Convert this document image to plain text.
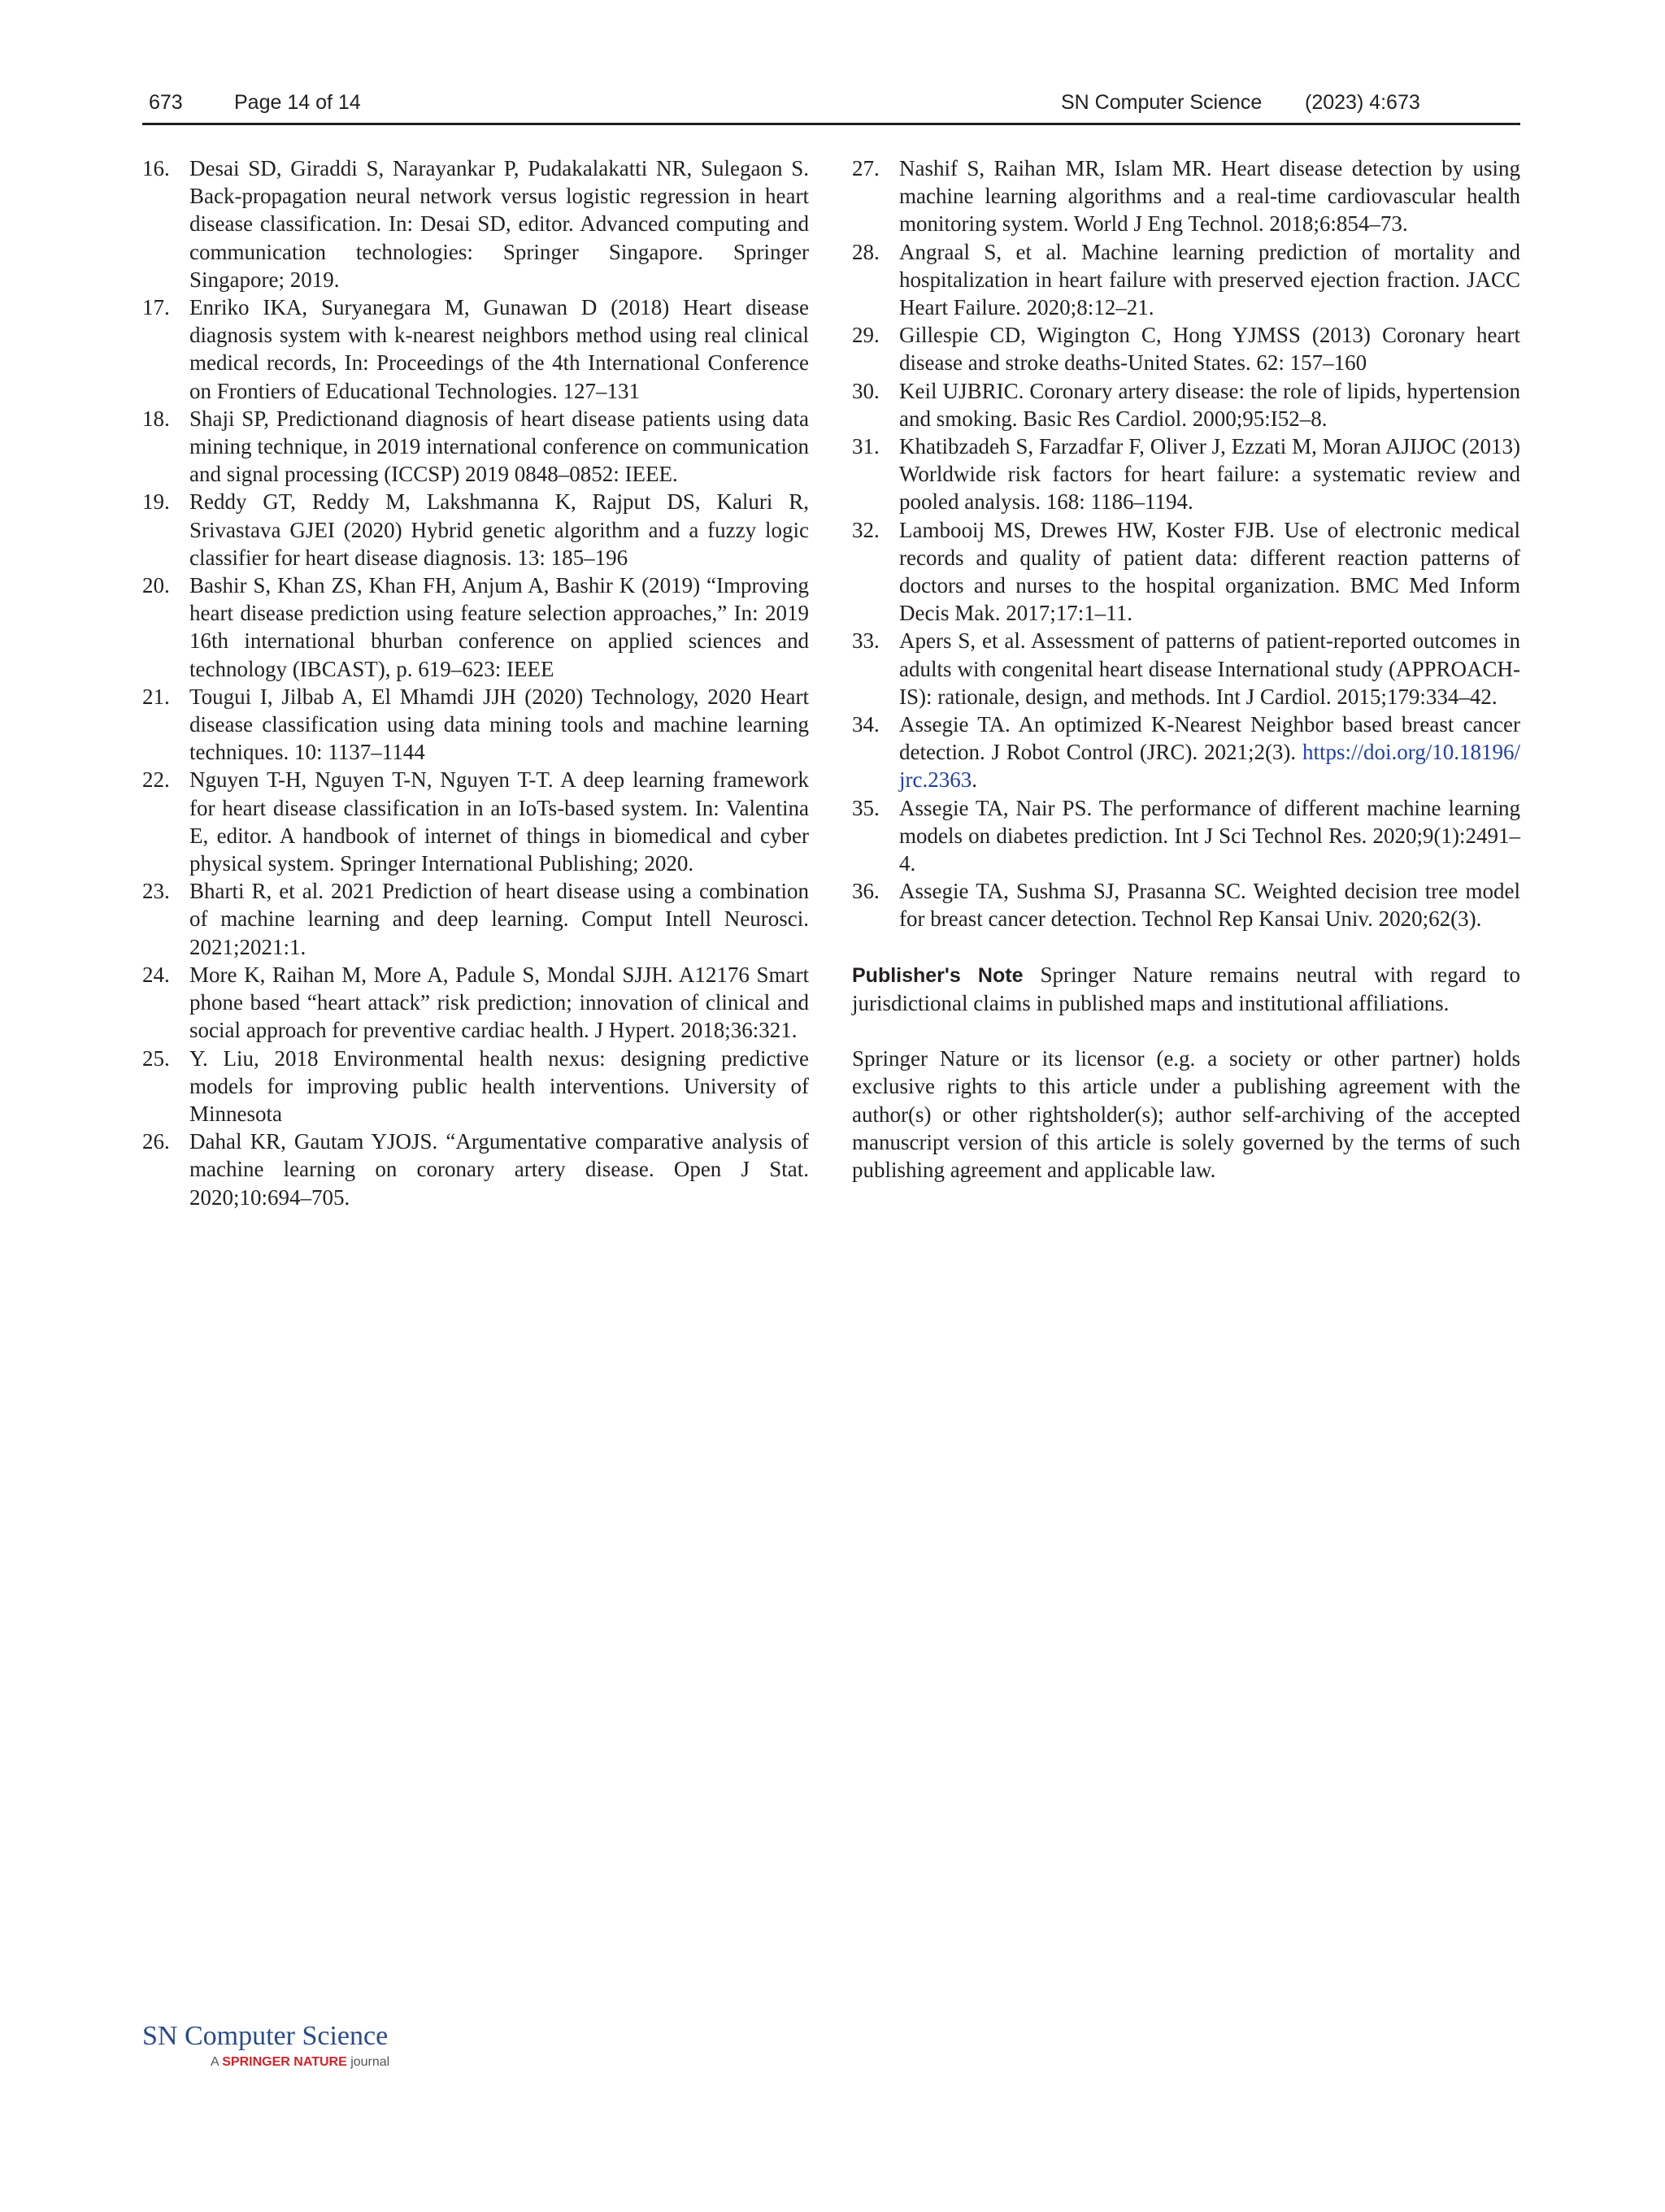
673	Page 14 of 14	SN Computer Science (2023) 4:673
16. Desai SD, Giraddi S, Narayankar P, Pudakalakatti NR, Sulegaon S. Back-propagation neural network versus logistic regression in heart disease classification. In: Desai SD, editor. Advanced computing and communication technologies: Springer Singapore. Springer Singapore; 2019.
17. Enriko IKA, Suryanegara M, Gunawan D (2018) Heart disease diagnosis system with k-nearest neighbors method using real clinical medical records, In: Proceedings of the 4th International Conference on Frontiers of Educational Technologies. 127–131
18. Shaji SP, Predictionand diagnosis of heart disease patients using data mining technique, in 2019 international conference on communication and signal processing (ICCSP) 2019 0848–0852: IEEE.
19. Reddy GT, Reddy M, Lakshmanna K, Rajput DS, Kaluri R, Srivastava GJEI (2020) Hybrid genetic algorithm and a fuzzy logic classifier for heart disease diagnosis. 13: 185–196
20. Bashir S, Khan ZS, Khan FH, Anjum A, Bashir K (2019) “Improving heart disease prediction using feature selection approaches,” In: 2019 16th international bhurban conference on applied sciences and technology (IBCAST), p. 619–623: IEEE
21. Tougui I, Jilbab A, El Mhamdi JJH (2020) Technology, 2020 Heart disease classification using data mining tools and machine learning techniques. 10: 1137–1144
22. Nguyen T-H, Nguyen T-N, Nguyen T-T. A deep learning framework for heart disease classification in an IoTs-based system. In: Valentina E, editor. A handbook of internet of things in biomedical and cyber physical system. Springer International Publishing; 2020.
23. Bharti R, et al. 2021 Prediction of heart disease using a combination of machine learning and deep learning. Comput Intell Neurosci. 2021;2021:1.
24. More K, Raihan M, More A, Padule S, Mondal SJJH. A12176 Smart phone based “heart attack” risk prediction; innovation of clinical and social approach for preventive cardiac health. J Hypert. 2018;36:321.
25. Y. Liu, 2018 Environmental health nexus: designing predictive models for improving public health interventions. University of Minnesota
26. Dahal KR, Gautam YJOJS. “Argumentative comparative analysis of machine learning on coronary artery disease. Open J Stat. 2020;10:694–705.
27. Nashif S, Raihan MR, Islam MR. Heart disease detection by using machine learning algorithms and a real-time cardiovascular health monitoring system. World J Eng Technol. 2018;6:854–73.
28. Angraal S, et al. Machine learning prediction of mortality and hospitalization in heart failure with preserved ejection fraction. JACC Heart Failure. 2020;8:12–21.
29. Gillespie CD, Wigington C, Hong YJMSS (2013) Coronary heart disease and stroke deaths-United States. 62: 157–160
30. Keil UJBRIC. Coronary artery disease: the role of lipids, hypertension and smoking. Basic Res Cardiol. 2000;95:I52–8.
31. Khatibzadeh S, Farzadfar F, Oliver J, Ezzati M, Moran AJIJOC (2013) Worldwide risk factors for heart failure: a systematic review and pooled analysis. 168: 1186–1194.
32. Lambooij MS, Drewes HW, Koster FJB. Use of electronic medical records and quality of patient data: different reaction patterns of doctors and nurses to the hospital organization. BMC Med Inform Decis Mak. 2017;17:1–11.
33. Apers S, et al. Assessment of patterns of patient-reported outcomes in adults with congenital heart disease International study (APPROACH-IS): rationale, design, and methods. Int J Cardiol. 2015;179:334–42.
34. Assegie TA. An optimized K-Nearest Neighbor based breast cancer detection. J Robot Control (JRC). 2021;2(3). https://doi.org/10.18196/jrc.2363.
35. Assegie TA, Nair PS. The performance of different machine learning models on diabetes prediction. Int J Sci Technol Res. 2020;9(1):2491–4.
36. Assegie TA, Sushma SJ, Prasanna SC. Weighted decision tree model for breast cancer detection. Technol Rep Kansai Univ. 2020;62(3).

Publisher's Note Springer Nature remains neutral with regard to jurisdictional claims in published maps and institutional affiliations.

Springer Nature or its licensor (e.g. a society or other partner) holds exclusive rights to this article under a publishing agreement with the author(s) or other rightsholder(s); author self-archiving of the accepted manuscript version of this article is solely governed by the terms of such publishing agreement and applicable law.

SN Computer Science
A SPRINGER NATURE journal
